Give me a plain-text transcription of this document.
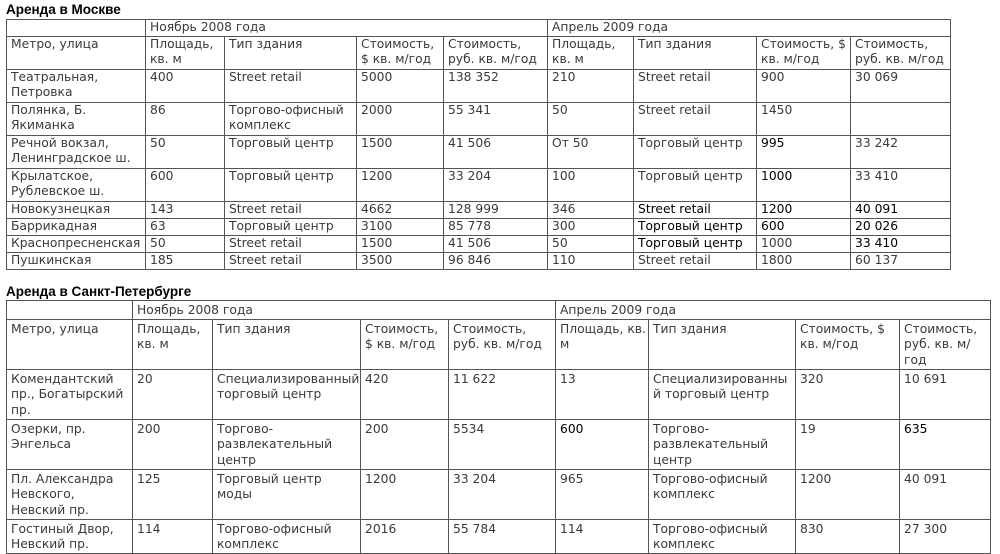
Аренда в Москве
	Ноябрь 2008 года				Апрель 2009 года			
Метро, улица	Площадь, кв. м	Тип здания	Стоимость, $ кв. м/год	Стоимость, руб. кв. м/год	Площадь, кв. м	Тип здания	Стоимость, $ кв. м/год	Стоимость, руб. кв. м/год
Театральная, Петровка	400	Street retail	5000	138 352	210	Street retail	900	30 069
Полянка, Б. Якиманка	86	Торгово-офисный комплекс	2000	55 341	50	Street retail	1450	
Речной вокзал, Ленинградское ш.	50	Торговый центр	1500	41 506	От 50	Торговый центр	995	33 242
Крылатское, Рублевское ш.	600	Торговый центр	1200	33 204	100	Торговый центр	1000	33 410
Новокузнецкая	143	Street retail	4662	128 999	346	Street retail	1200	40 091
Баррикадная	63	Торговый центр	3100	85 778	300	Торговый центр	600	20 026
Краснопресненская	50	Street retail	1500	41 506	50	Торговый центр	1000	33 410
Пушкинская	185	Street retail	3500	96 846	110	Street retail	1800	60 137
Аренда в Санкт-Петербурге
	Ноябрь 2008 года				Апрель 2009 года			
Метро, улица	Площадь, кв. м	Тип здания	Стоимость, $ кв. м/год	Стоимость, руб. кв. м/год	Площадь, кв. м	Тип здания	Стоимость, $ кв. м/год	Стоимость, руб. кв. м/год
Комендантский пр., Богатырский пр.	20	Специализированный торговый центр	420	11 622	13	Специализированный торговый центр	320	10 691
Озерки, пр. Энгельса	200	Торгово-развлекательный центр	200	5534	600	Торгово-развлекательный центр	19	635
Пл. Александра Невского, Невский пр.	125	Торговый центр моды	1200	33 204	965	Торгово-офисный комплекс	1200	40 091
Гостиный Двор, Невский пр.	114	Торгово-офисный комплекс	2016	55 784	114	Торгово-офисный комплекс	830	27 300
